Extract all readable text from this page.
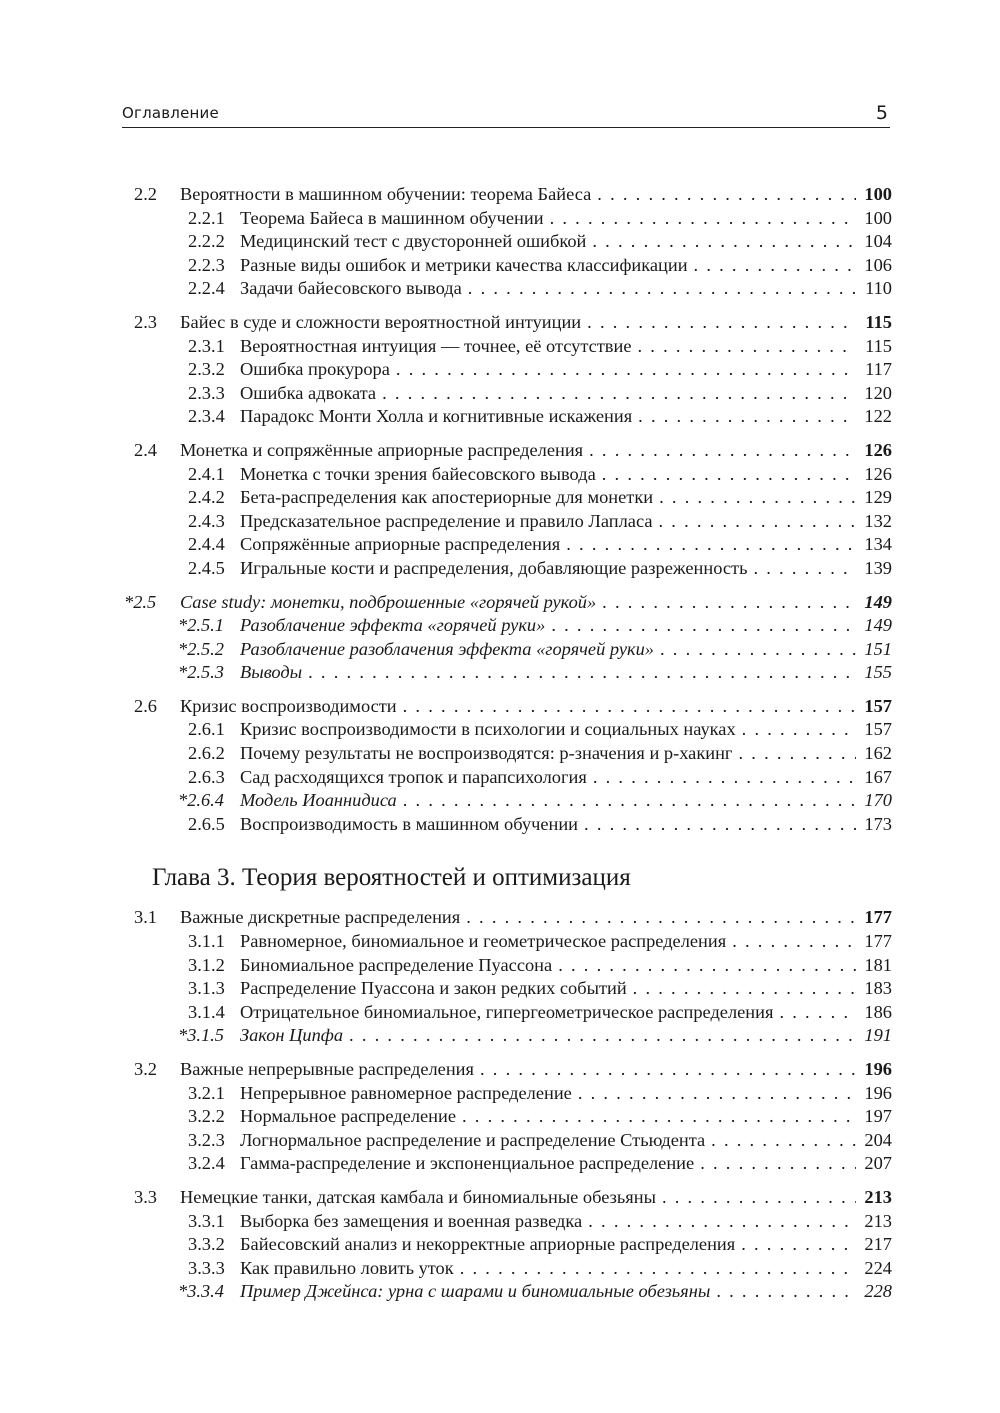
Оглавление	5
2.2	Вероятности в машинном обучении: теорема Байеса . . .	100
2.2.1 Теорема Байеса в машинном обучении . . .	100
2.2.2 Медицинский тест с двусторонней ошибкой . . .	104
2.2.3 Разные виды ошибок и метрики качества классификации . . .	106
2.2.4 Задачи байесовского вывода . . .	110
2.3	Байес в суде и сложности вероятностной интуиции . . .	115
2.3.1 Вероятностная интуиция — точнее, её отсутствие . . .	115
2.3.2 Ошибка прокурора . . .	117
2.3.3 Ошибка адвоката . . .	120
2.3.4 Парадокс Монти Холла и когнитивные искажения . . .	122
2.4	Монетка и сопряжённые априорные распределения . . .	126
2.4.1 Монетка с точки зрения байесовского вывода . . .	126
2.4.2 Бета-распределения как апостериорные для монетки . . .	129
2.4.3 Предсказательное распределение и правило Лапласа . . .	132
2.4.4 Сопряжённые априорные распределения . . .	134
2.4.5 Игральные кости и распределения, добавляющие разреженность . . .	139
*2.5	Case study: монетки, подброшенные «горячей рукой» . . .	149
*2.5.1 Разоблачение эффекта «горячей руки» . . .	149
*2.5.2 Разоблачение разоблачения эффекта «горячей руки» . . .	151
*2.5.3 Выводы . . .	155
2.6	Кризис воспроизводимости . . .	157
2.6.1 Кризис воспроизводимости в психологии и социальных науках . . .	157
2.6.2 Почему результаты не воспроизводятся: p-значения и p-хакинг . . .	162
2.6.3 Сад расходящихся тропок и парапсихология . . .	167
*2.6.4 Модель Иоаннидиса . . .	170
2.6.5 Воспроизводимость в машинном обучении . . .	173
Глава 3. Теория вероятностей и оптимизация
3.1	Важные дискретные распределения . . .	177
3.1.1 Равномерное, биномиальное и геометрическое распределения . . .	177
3.1.2 Биномиальное распределение Пуассона . . .	181
3.1.3 Распределение Пуассона и закон редких событий . . .	183
3.1.4 Отрицательное биномиальное, гипергеометрическое распределения . . .	186
*3.1.5 Закон Ципфа . . .	191
3.2	Важные непрерывные распределения . . .	196
3.2.1 Непрерывное равномерное распределение . . .	196
3.2.2 Нормальное распределение . . .	197
3.2.3 Логнормальное распределение и распределение Стьюдента . . .	204
3.2.4 Гамма-распределение и экспоненциальное распределение . . .	207
3.3	Немецкие танки, датская камбала и биномиальные обезьяны . . .	213
3.3.1 Выборка без замещения и военная разведка . . .	213
3.3.2 Байесовский анализ и некорректные априорные распределения . . .	217
3.3.3 Как правильно ловить уток . . .	224
*3.3.4 Пример Джейнса: урна с шарами и биномиальные обезьяны . . .	228
